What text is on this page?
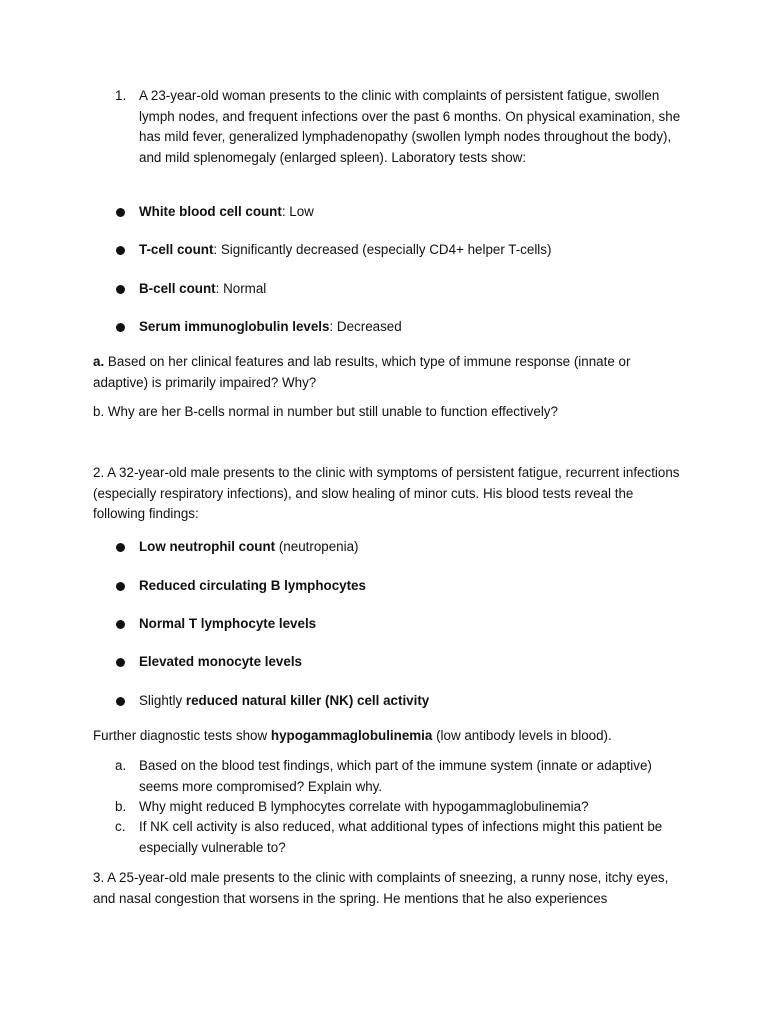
1. A 23-year-old woman presents to the clinic with complaints of persistent fatigue, swollen lymph nodes, and frequent infections over the past 6 months. On physical examination, she has mild fever, generalized lymphadenopathy (swollen lymph nodes throughout the body), and mild splenomegaly (enlarged spleen). Laboratory tests show:

White blood cell count: Low
T-cell count: Significantly decreased (especially CD4+ helper T-cells)
B-cell count: Normal
Serum immunoglobulin levels: Decreased

a. Based on her clinical features and lab results, which type of immune response (innate or adaptive) is primarily impaired? Why?

b. Why are her B-cells normal in number but still unable to function effectively?

2. A 32-year-old male presents to the clinic with symptoms of persistent fatigue, recurrent infections (especially respiratory infections), and slow healing of minor cuts. His blood tests reveal the following findings:

Low neutrophil count (neutropenia)
Reduced circulating B lymphocytes
Normal T lymphocyte levels
Elevated monocyte levels
Slightly reduced natural killer (NK) cell activity

Further diagnostic tests show hypogammaglobulinemia (low antibody levels in blood).

a. Based on the blood test findings, which part of the immune system (innate or adaptive) seems more compromised? Explain why.
b. Why might reduced B lymphocytes correlate with hypogammaglobulinemia?
c.	If NK cell activity is also reduced, what additional types of infections might this patient be especially vulnerable to?

3. A 25-year-old male presents to the clinic with complaints of sneezing, a runny nose, itchy eyes, and nasal congestion that worsens in the spring. He mentions that he also experiences
